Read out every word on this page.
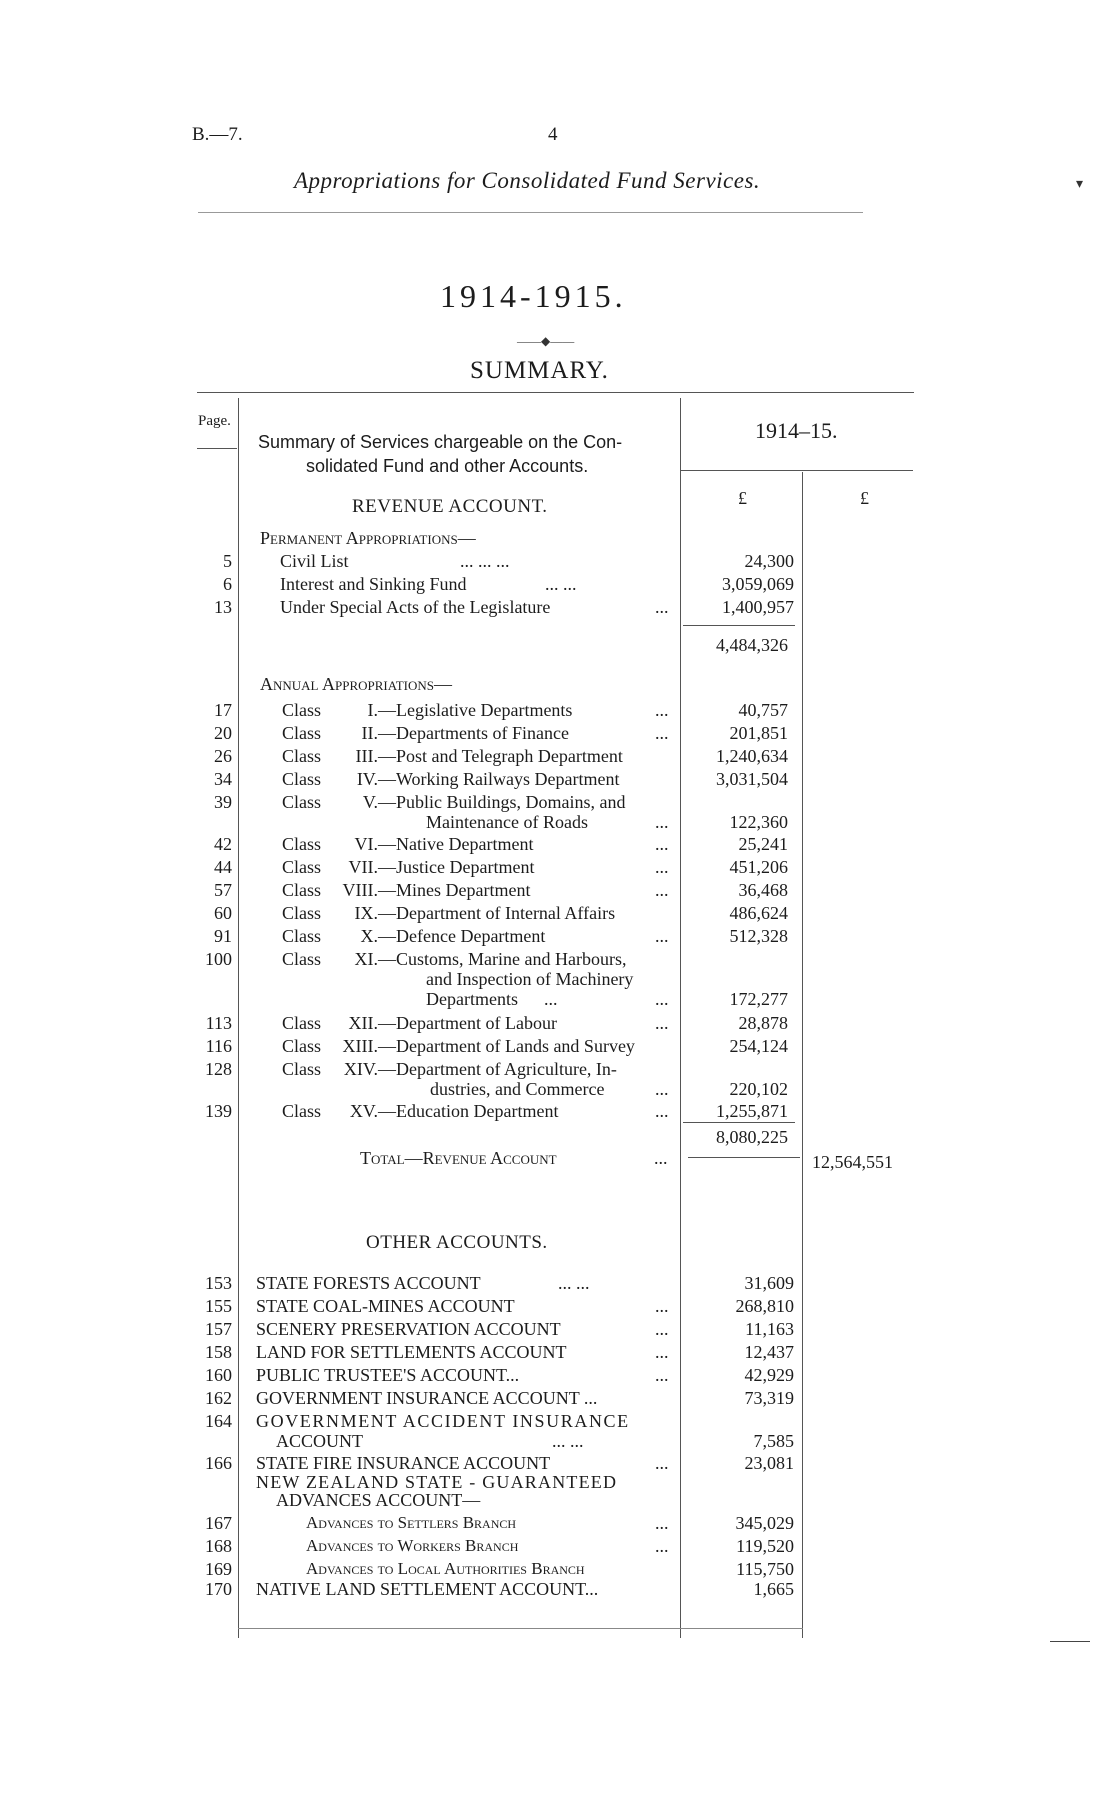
B.—7.	4
Appropriations for Consolidated Fund Services.
1914-1915.
——◆——
SUMMARY.
Page.
Summary of Services chargeable on the Con-
solidated Fund and other Accounts.
1914–15.
£	£
REVENUE ACCOUNT.
Permanent Appropriations—
5	Civil List	... ... ...	24,300
6	Interest and Sinking Fund	... ...	3,059,069
13	Under Special Acts of the Legislature	...	1,400,957
4,484,326
Annual Appropriations—
17	Class	I. —Legislative Departments	...	40,757
20	Class	II. —Departments of Finance	...	201,851
26	Class	III. —Post and Telegraph Department	1,240,634
34	Class	IV. —Working Railways Department	3,031,504
39	Class	V. —Public Buildings, Domains, and
Maintenance of Roads	...	122,360
42	Class	VI. —Native Department	...	25,241
44	Class	VII. —Justice Department	...	451,206
57	Class	VIII. —Mines Department	...	36,468
60	Class	IX. —Department of Internal Affairs	486,624
91	Class	X. —Defence Department	...	512,328
100	Class	XI. —Customs, Marine and Harbours,
and Inspection of Machinery
Departments ...	...	172,277
113	Class	XII. —Department of Labour	...	28,878
116	Class	XIII. —Department of Lands and Survey	254,124
128	Class	XIV. —Department of Agriculture, In-
dustries, and Commerce	...	220,102
139	Class	XV. —Education Department	...	1,255,871
8,080,225
Total—Revenue Account	...	12,564,551
OTHER ACCOUNTS.
153 STATE FORESTS ACCOUNT	... ...	31,609
155 STATE COAL-MINES ACCOUNT	...	268,810
157 SCENERY PRESERVATION ACCOUNT	...	11,163
158 LAND FOR SETTLEMENTS ACCOUNT	...	12,437
160 PUBLIC TRUSTEE'S ACCOUNT...	...	42,929
162 GOVERNMENT INSURANCE ACCOUNT ...	73,319
164 GOVERNMENT ACCIDENT INSURANCE
ACCOUNT	... ...	7,585
166 STATE FIRE INSURANCE ACCOUNT	...	23,081
NEW ZEALAND STATE - GUARANTEED
ADVANCES ACCOUNT—
167	Advances to Settlers Branch	...	345,029
168	Advances to Workers Branch	...	119,520
169	Advances to Local Authorities Branch	115,750
170 NATIVE LAND SETTLEMENT ACCOUNT...	1,665
▾
